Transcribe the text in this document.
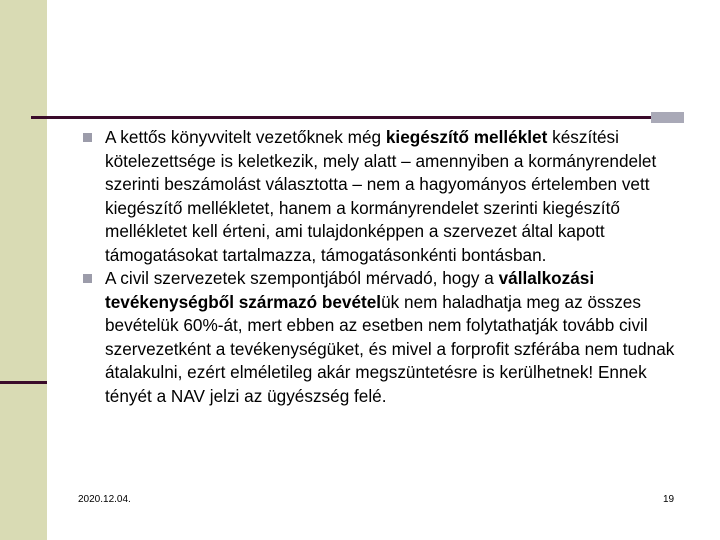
A kettős könyvvitelt vezetőknek még kiegészítő melléklet készítési kötelezettsége is keletkezik, mely alatt – amennyiben a kormányrendelet szerinti beszámolást választotta – nem a hagyományos értelemben vett kiegészítő mellékletet, hanem a kormányrendelet szerinti kiegészítő mellékletet kell érteni, ami tulajdonképpen a szervezet által kapott támogatásokat tartalmazza, támogatásonkénti bontásban.

A civil szervezetek szempontjából mérvadó, hogy a vállalkozási tevékenységből származó bevételük nem haladhatja meg az összes bevételük 60%-át, mert ebben az esetben nem folytathatják tovább civil szervezetként a tevékenységüket, és mivel a forprofit szférába nem tudnak átalakulni, ezért elméletileg akár megszüntetésre is kerülhetnek! Ennek tényét a NAV jelzi az ügyészség felé.

2020.12.04.	19
